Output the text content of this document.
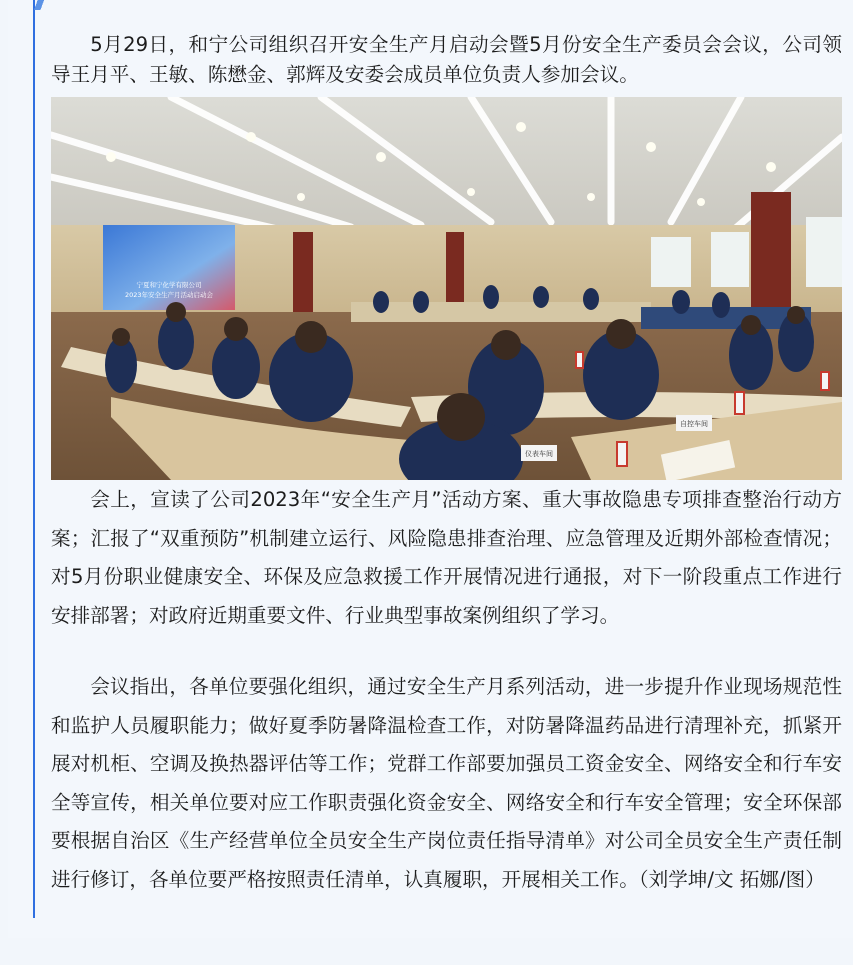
5月29日，和宁公司组织召开安全生产月启动会暨5月份安全生产委员会会议，公司领导王月平、王敏、陈懋金、郭辉及安委会成员单位负责人参加会议。

宁夏和宁化学有限公司
2023年安全生产月活动启动会
自控车间
仪表车间

会上，宣读了公司2023年“安全生产月”活动方案、重大事故隐患专项排查整治行动方案；汇报了“双重预防”机制建立运行、风险隐患排查治理、应急管理及近期外部检查情况；对5月份职业健康安全、环保及应急救援工作开展情况进行通报，对下一阶段重点工作进行安排部署；对政府近期重要文件、行业典型事故案例组织了学习。

会议指出，各单位要强化组织，通过安全生产月系列活动，进一步提升作业现场规范性和监护人员履职能力；做好夏季防暑降温检查工作，对防暑降温药品进行清理补充，抓紧开展对机柜、空调及换热器评估等工作；党群工作部要加强员工资金安全、网络安全和行车安全等宣传，相关单位要对应工作职责强化资金安全、网络安全和行车安全管理；安全环保部要根据自治区《生产经营单位全员安全生产岗位责任指导清单》对公司全员安全生产责任制进行修订，各单位要严格按照责任清单，认真履职，开展相关工作。（刘学坤/文 拓娜/图）
